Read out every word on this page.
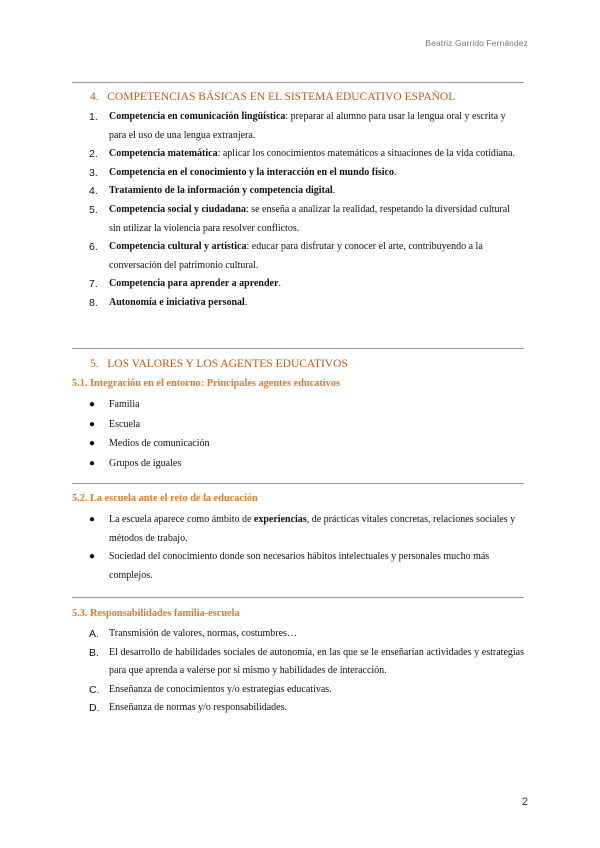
Beatriz Garrido Fernández
4. COMPETENCIAS BÁSICAS EN EL SISTEMA EDUCATIVO ESPAÑOL
1. Competencia en comunicación lingüística: preparar al alumno para usar la lengua oral y escrita y para el uso de una lengua extranjera.
2. Competencia matemática: aplicar los conocimientos matemáticos a situaciones de la vida cotidiana.
3. Competencia en el conocimiento y la interacción en el mundo físico.
4. Tratamiento de la información y competencia digital.
5. Competencia social y ciudadana: se enseña a analizar la realidad, respetando la diversidad cultural sin utilizar la violencia para resolver conflictos.
6. Competencia cultural y artística: educar para disfrutar y conocer el arte, contribuyendo a la conversación del patrimonio cultural.
7. Competencia para aprender a aprender.
8. Autonomía e iniciativa personal.
5. LOS VALORES Y LOS AGENTES EDUCATIVOS
5.1. Integración en el entorno: Principales agentes educativos
● Familia
● Escuela
● Medios de comunicación
● Grupos de iguales
5.2. La escuela ante el reto de la educación
● La escuela aparece como ámbito de experiencias, de prácticas vitales concretas, relaciones sociales y métodos de trabajo.
● Sociedad del conocimiento donde son necesarios hábitos intelectuales y personales mucho más complejos.
5.3. Responsabilidades familia-escuela
A. Transmisión de valores, normas, costumbres…
B. El desarrollo de habilidades sociales de autonomía, en las que se le enseñarían actividades y estrategias para que aprenda a valerse por sí mismo y habilidades de interacción.
C. Enseñanza de conocimientos y/o estrategias educativas.
D. Enseñanza de normas y/o responsabilidades.
2
